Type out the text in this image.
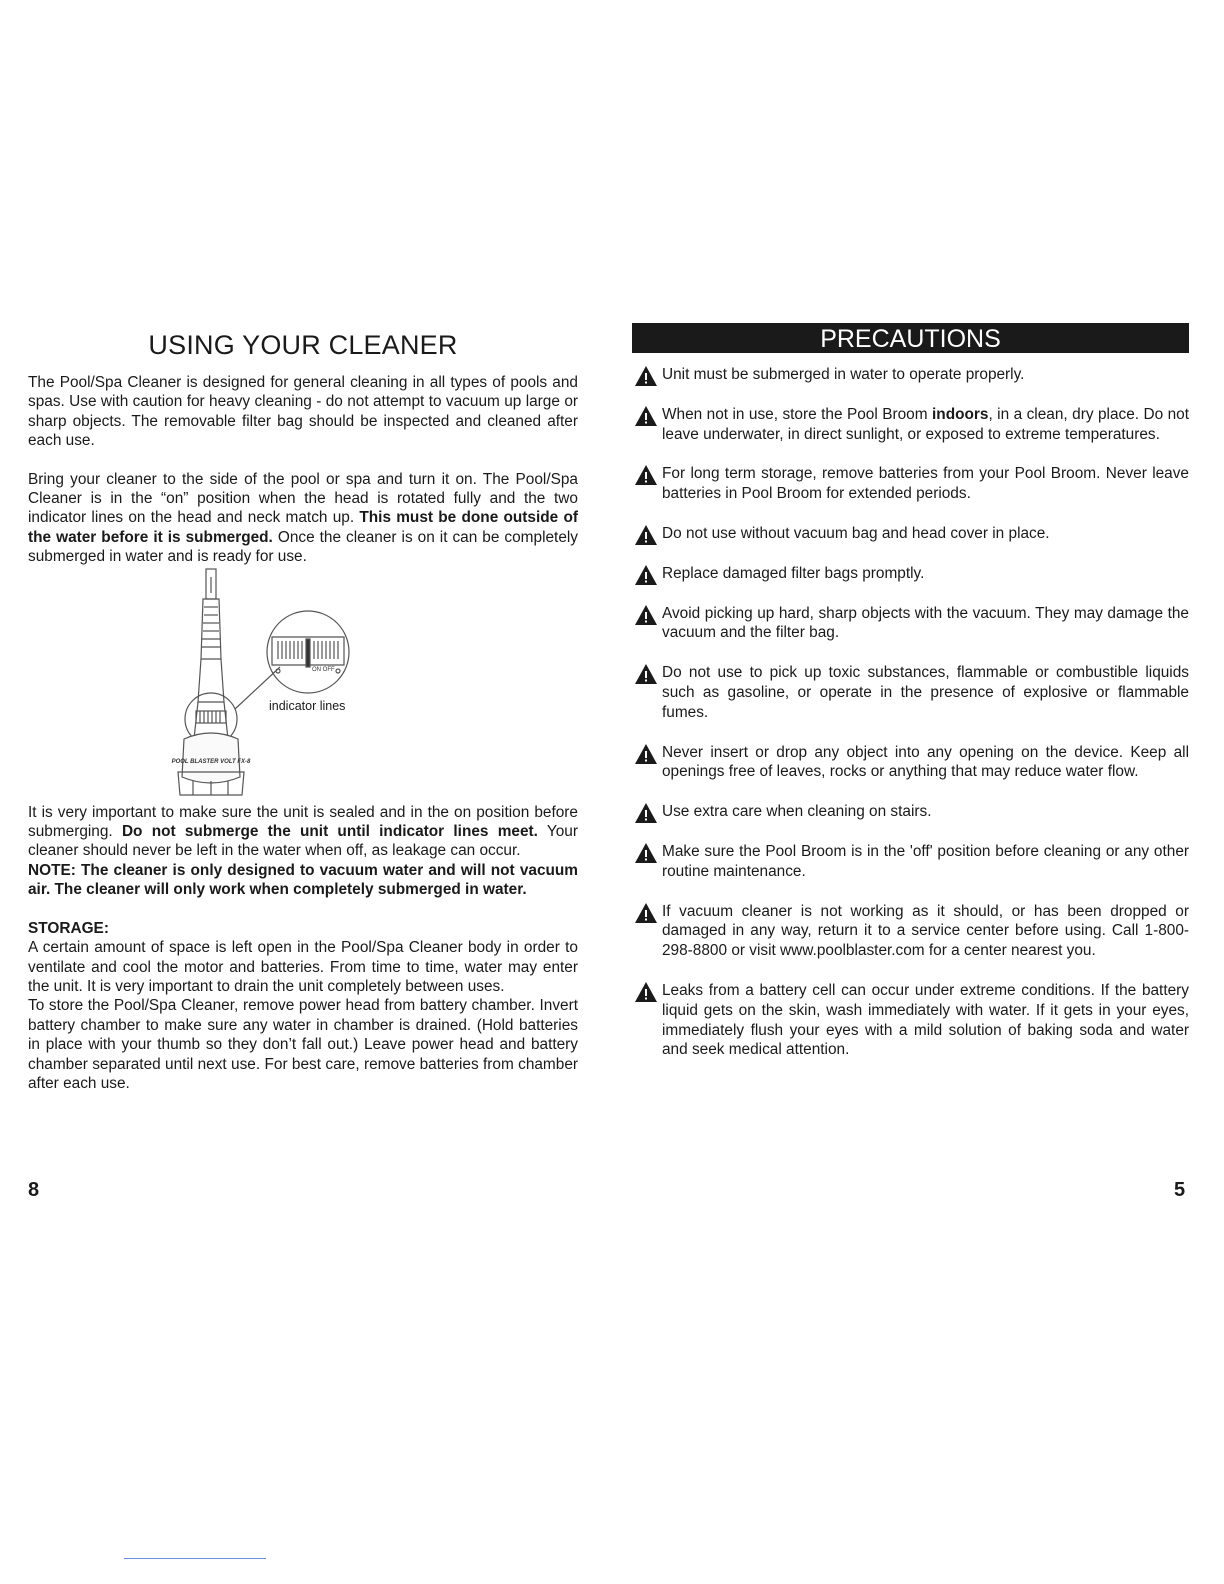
USING YOUR CLEANER

The Pool/Spa Cleaner is designed for general cleaning in all types of pools and spas. Use with caution for heavy cleaning - do not attempt to vacuum up large or sharp objects. The removable filter bag should be inspected and cleaned after each use.

Bring your cleaner to the side of the pool or spa and turn it on. The Pool/Spa Cleaner is in the “on” position when the head is rotated fully and the two indicator lines on the head and neck match up. This must be done outside of the water before it is submerged. Once the cleaner is on it can be completely submerged in water and is ready for use.

ON OFF
POOL BLASTER VOLT FX-8
indicator lines

It is very important to make sure the unit is sealed and in the on position before submerging. Do not submerge the unit until indicator lines meet. Your cleaner should never be left in the water when off, as leakage can occur.

NOTE: The cleaner is only designed to vacuum water and will not vacuum air. The cleaner will only work when completely submerged in water.

STORAGE:

A certain amount of space is left open in the Pool/Spa Cleaner body in order to ventilate and cool the motor and batteries. From time to time, water may enter the unit. It is very important to drain the unit completely between uses.

To store the Pool/Spa Cleaner, remove power head from battery chamber. Invert battery chamber to make sure any water in chamber is drained. (Hold batteries in place with your thumb so they don’t fall out.) Leave power head and battery chamber separated until next use. For best care, remove batteries from chamber after each use.

PRECAUTIONS

Unit must be submerged in water to operate properly.

When not in use, store the Pool Broom indoors, in a clean, dry place. Do not leave underwater, in direct sunlight, or exposed to extreme temperatures.

For long term storage, remove batteries from your Pool Broom. Never leave batteries in Pool Broom for extended periods.

Do not use without vacuum bag and head cover in place.

Replace damaged filter bags promptly.

Avoid picking up hard, sharp objects with the vacuum. They may damage the vacuum and the filter bag.

Do not use to pick up toxic substances, flammable or combustible liquids such as gasoline, or operate in the presence of explosive or flammable fumes.

Never insert or drop any object into any opening on the device. Keep all openings free of leaves, rocks or anything that may reduce water flow.

Use extra care when cleaning on stairs.

Make sure the Pool Broom is in the 'off' position before cleaning or any other routine maintenance.

If vacuum cleaner is not working as it should, or has been dropped or damaged in any way, return it to a service center before using. Call 1-800-298-8800 or visit www.poolblaster.com for a center nearest you.

Leaks from a battery cell can occur under extreme conditions. If the battery liquid gets on the skin, wash immediately with water. If it gets in your eyes, immediately flush your eyes with a mild solution of baking soda and water and seek medical attention.

8	5
